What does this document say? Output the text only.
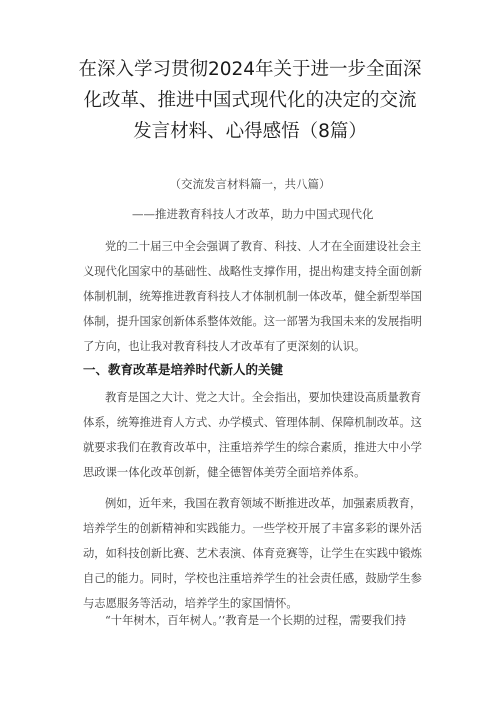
在深入学习贯彻2024年关于进一步全面深
化改革、推进中国式现代化的决定的交流
发言材料、心得感悟（8篇）
（交流发言材料篇一，共八篇）
——推进教育科技人才改革，助力中国式现代化
党的二十届三中全会强调了教育、科技、人才在全面建设社会主
义现代化国家中的基础性、战略性支撑作用，提出构建支持全面创新
体制机制，统筹推进教育科技人才体制机制一体改革，健全新型举国
体制，提升国家创新体系整体效能。这一部署为我国未来的发展指明
了方向，也让我对教育科技人才改革有了更深刻的认识。
一、教育改革是培养时代新人的关键
教育是国之大计、党之大计。全会指出，要加快建设高质量教育
体系，统筹推进育人方式、办学模式、管理体制、保障机制改革。这
就要求我们在教育改革中，注重培养学生的综合素质，推进大中小学
思政课一体化改革创新，健全德智体美劳全面培养体系。
例如，近年来，我国在教育领域不断推进改革，加强素质教育，
培养学生的创新精神和实践能力。一些学校开展了丰富多彩的课外活
动，如科技创新比赛、艺术表演、体育竞赛等，让学生在实践中锻炼
自己的能力。同时，学校也注重培养学生的社会责任感，鼓励学生参
与志愿服务等活动，培养学生的家国情怀。
“十年树木，百年树人。’‘教育是一个长期的过程，需要我们持
